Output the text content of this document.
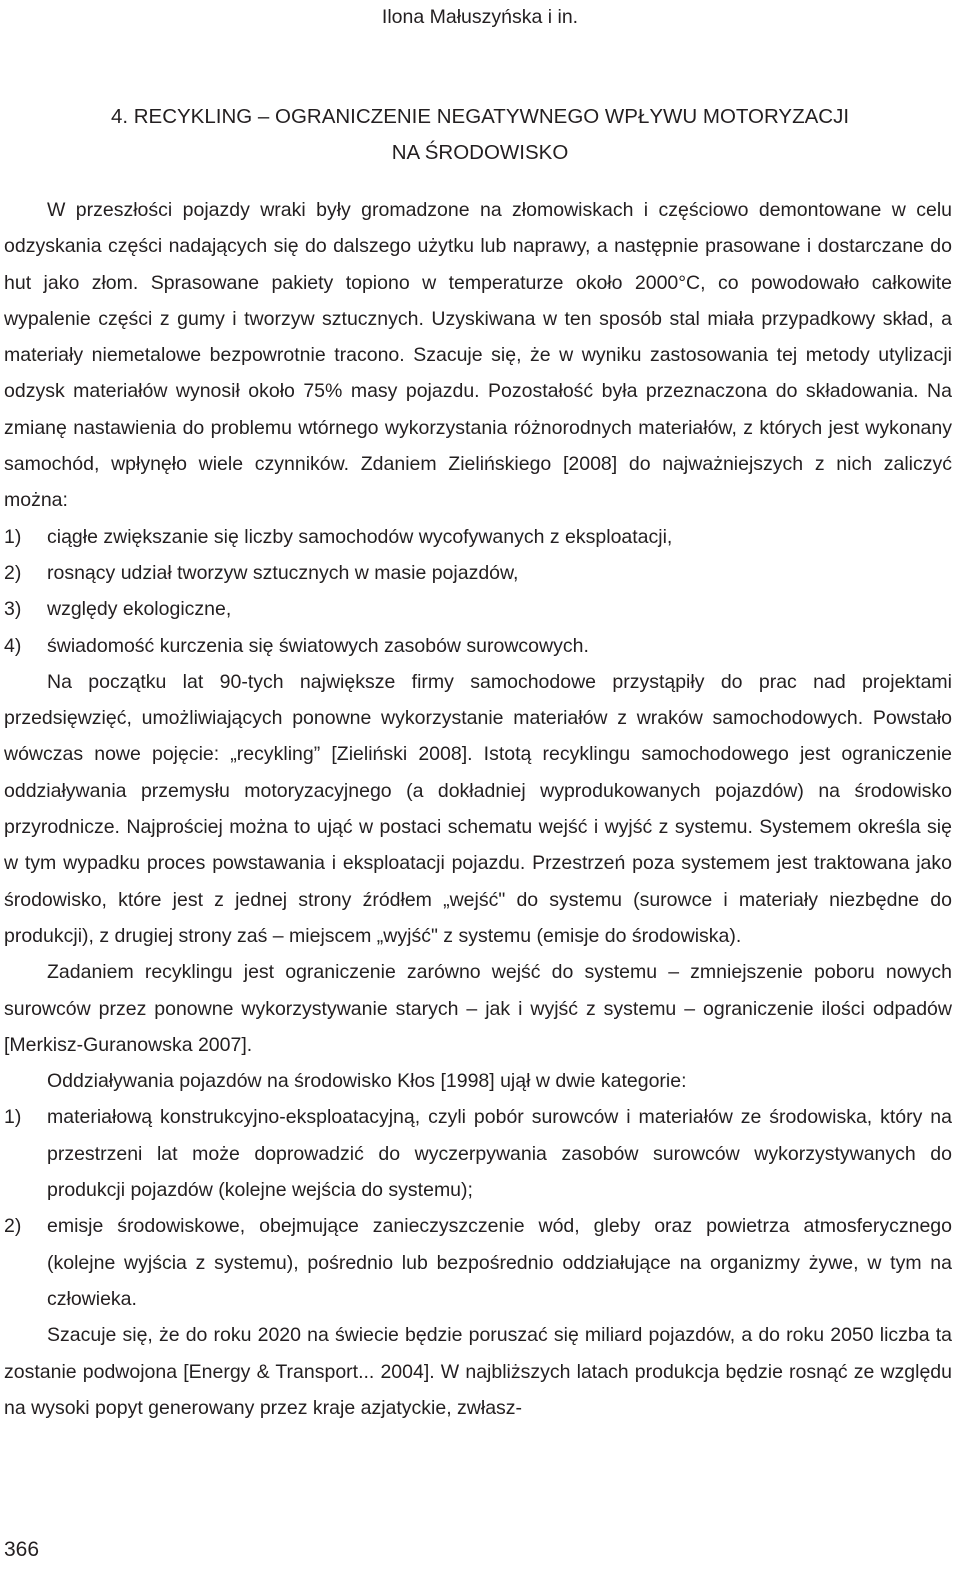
Ilona Małuszyńska i in.
4. RECYKLING – OGRANICZENIE NEGATYWNEGO WPŁYWU MOTORYZACJI
NA ŚRODOWISKO

W przeszłości pojazdy wraki były gromadzone na złomowiskach i częściowo demontowane w celu odzyskania części nadających się do dalszego użytku lub naprawy, a następnie prasowane i dostarczane do hut jako złom. Sprasowane pakiety topiono w temperaturze około 2000°C, co powodowało całkowite wypalenie części z gumy i tworzyw sztucznych. Uzyskiwana w ten sposób stal miała przypadkowy skład, a materiały niemetalowe bezpowrotnie tracono. Szacuje się, że w wyniku zastosowania tej metody utylizacji odzysk materiałów wynosił około 75% masy pojazdu. Pozostałość była przeznaczona do składowania. Na zmianę nastawienia do problemu wtórnego wykorzystania różnorodnych materiałów, z których jest wykonany samochód, wpłynęło wiele czynników. Zdaniem Zielińskiego [2008] do najważniejszych z nich zaliczyć można:

1)	ciągłe zwiększanie się liczby samochodów wycofywanych z eksploatacji,
2)	rosnący udział tworzyw sztucznych w masie pojazdów,
3)	względy ekologiczne,
4)	świadomość kurczenia się światowych zasobów surowcowych.

Na początku lat 90-tych największe firmy samochodowe przystąpiły do prac nad projektami przedsięwzięć, umożliwiających ponowne wykorzystanie materiałów z wraków samochodowych. Powstało wówczas nowe pojęcie: „recykling” [Zieliński 2008]. Istotą recyklingu samochodowego jest ograniczenie oddziaływania przemysłu motoryzacyjnego (a dokładniej wyprodukowanych pojazdów) na środowisko przyrodnicze. Najprościej można to ująć w postaci schematu wejść i wyjść z systemu. Systemem określa się w tym wypadku proces powstawania i eksploatacji pojazdu. Przestrzeń poza systemem jest traktowana jako środowisko, które jest z jednej strony źródłem „wejść" do systemu (surowce i materiały niezbędne do produkcji), z drugiej strony zaś – miejscem „wyjść" z systemu (emisje do środowiska).

Zadaniem recyklingu jest ograniczenie zarówno wejść do systemu – zmniejszenie poboru nowych surowców przez ponowne wykorzystywanie starych – jak i wyjść z systemu – ograniczenie ilości odpadów [Merkisz-Guranowska 2007].

Oddziaływania pojazdów na środowisko Kłos [1998] ujął w dwie kategorie:

1)	materiałową konstrukcyjno-eksploatacyjną, czyli pobór surowców i materiałów ze środowiska, który na przestrzeni lat może doprowadzić do wyczerpywania zasobów surowców wykorzystywanych do produkcji pojazdów (kolejne wejścia do systemu);
2)	emisje środowiskowe, obejmujące zanieczyszczenie wód, gleby oraz powietrza atmosferycznego (kolejne wyjścia z systemu), pośrednio lub bezpośrednio oddziałujące na organizmy żywe, w tym na człowieka.

Szacuje się, że do roku 2020 na świecie będzie poruszać się miliard pojazdów, a do roku 2050 liczba ta zostanie podwojona [Energy & Transport... 2004]. W najbliższych latach produkcja będzie rosnąć ze względu na wysoki popyt generowany przez kraje azjatyckie, zwłasz-

366
